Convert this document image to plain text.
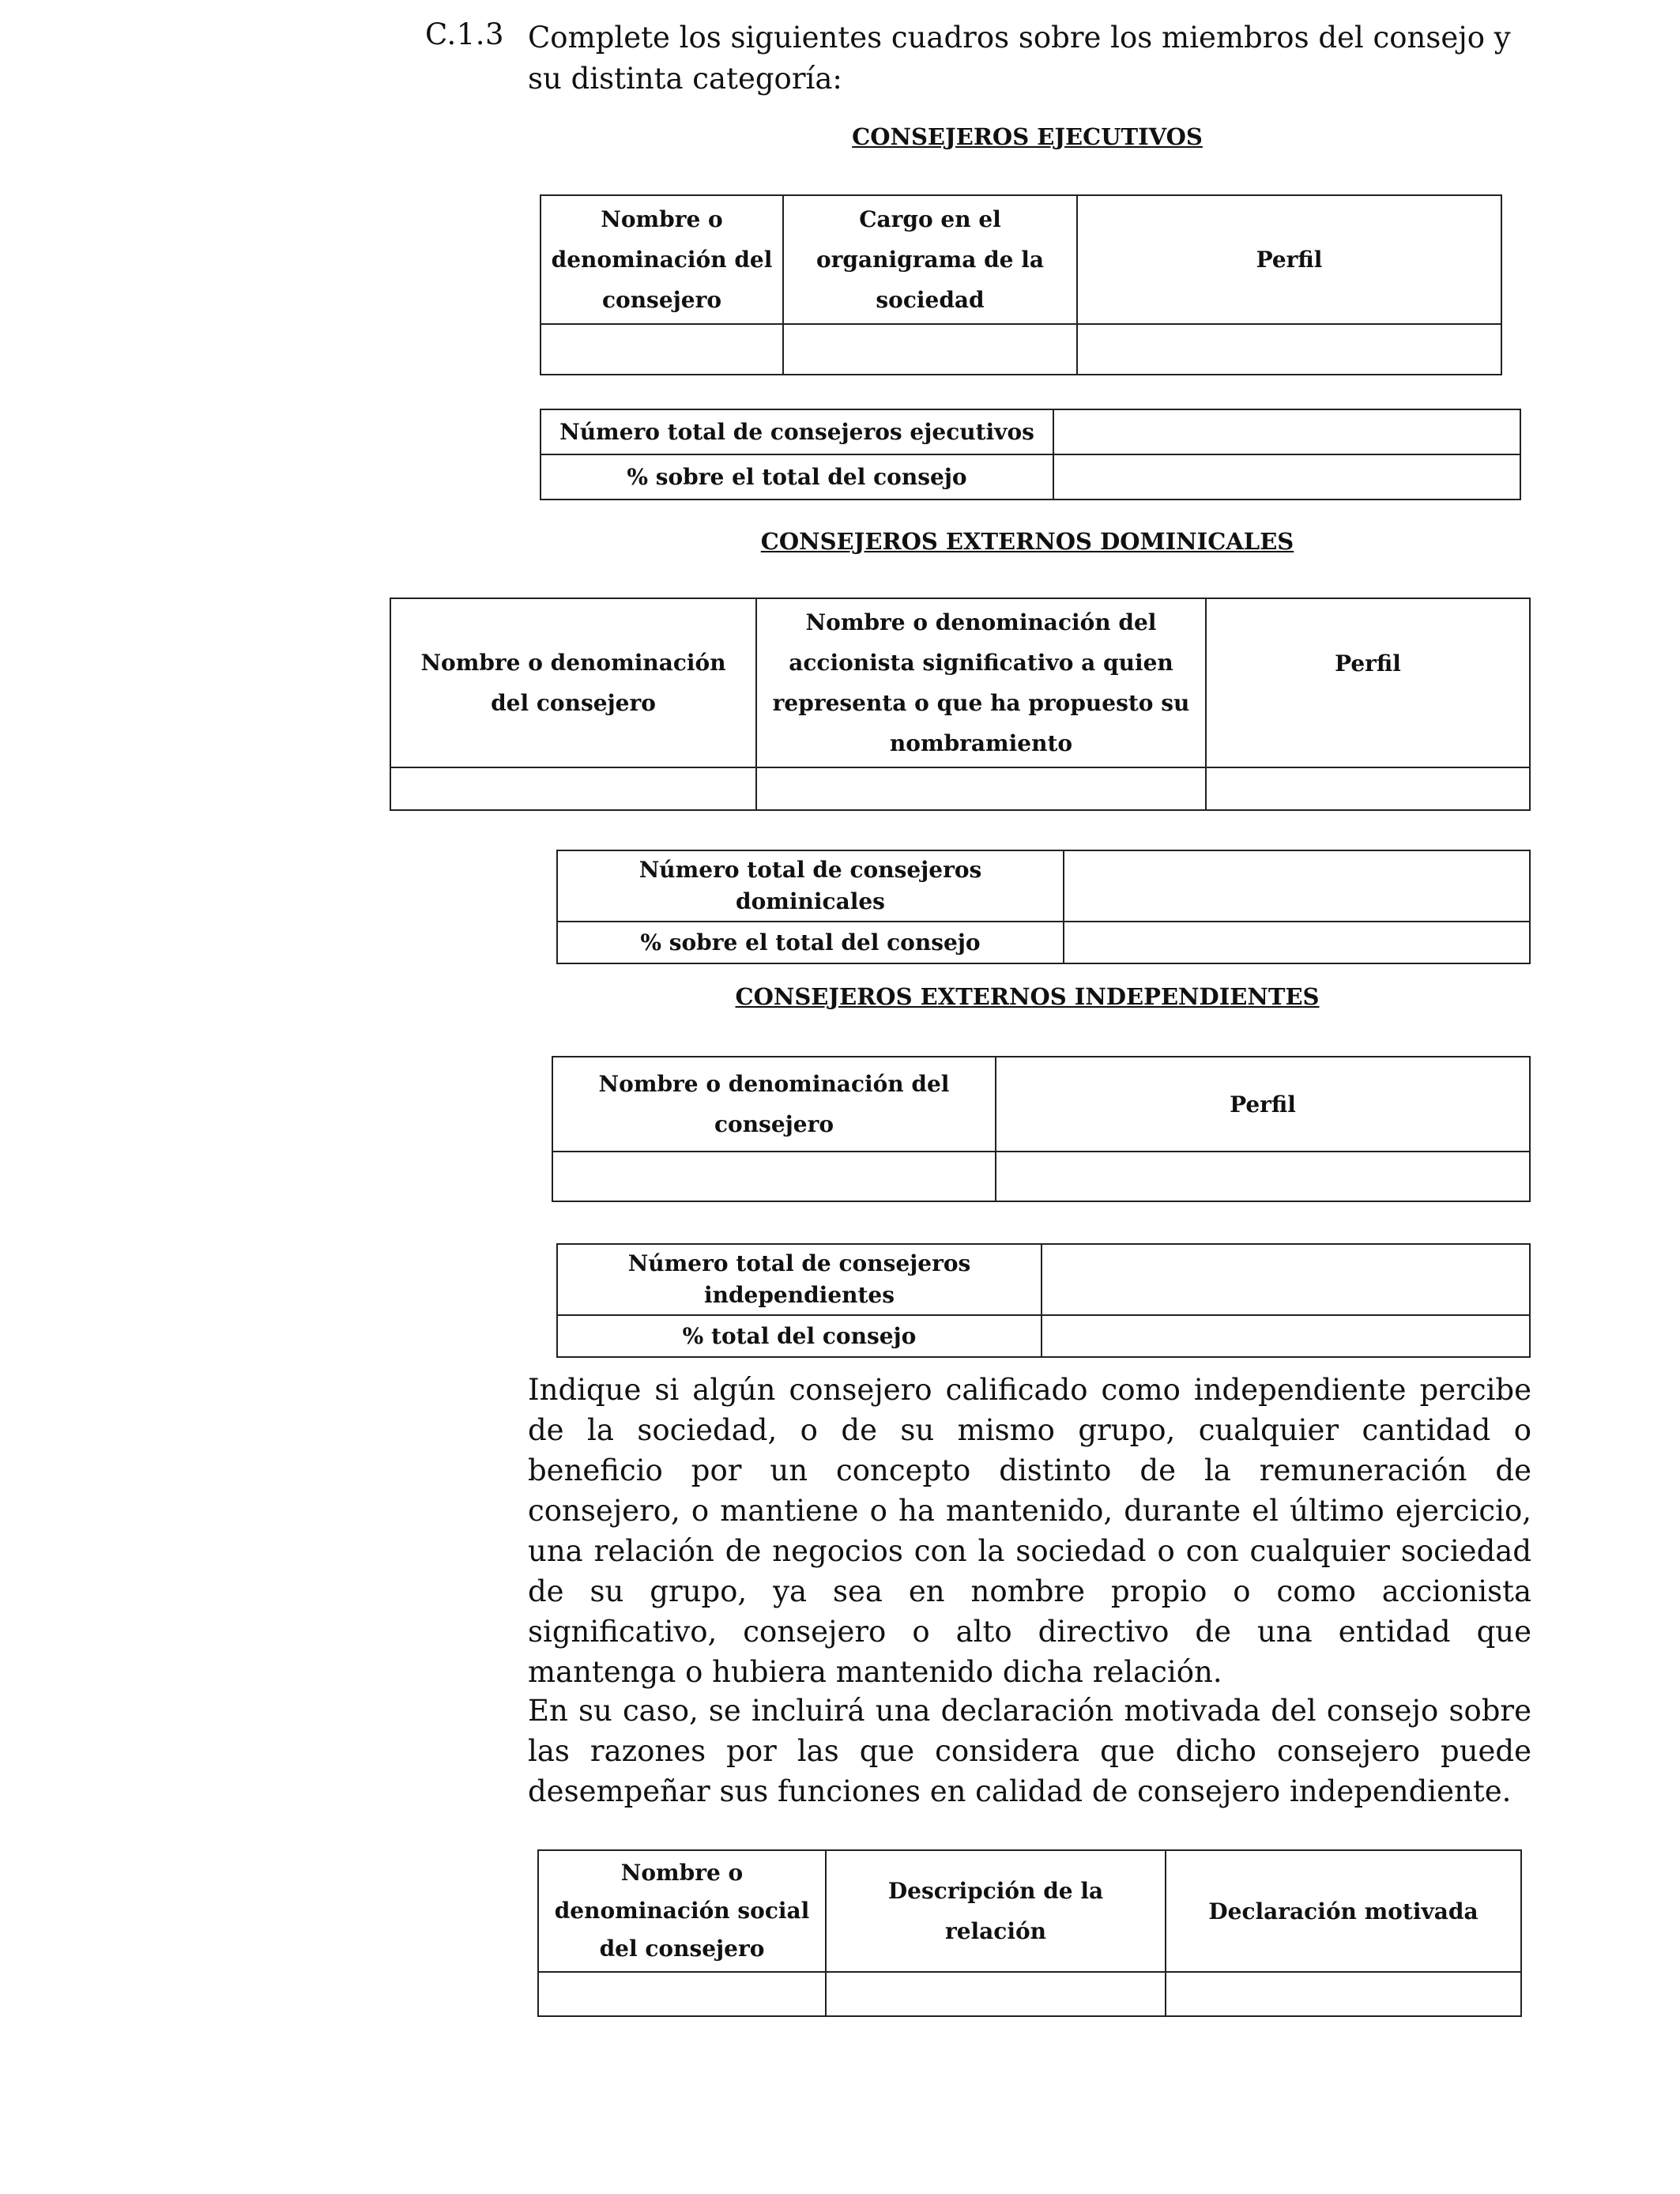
C.1.3 Complete los siguientes cuadros sobre los miembros del consejo y su distinta categoría:
CONSEJEROS EJECUTIVOS
Nombre o denominación del consejero	Cargo en el organigrama de la sociedad	Perfil

Número total de consejeros ejecutivos	
% sobre el total del consejo	
CONSEJEROS EXTERNOS DOMINICALES
Nombre o denominación del consejero	Nombre o denominación del accionista significativo a quien representa o que ha propuesto su nombramiento	Perfil

Número total de consejeros dominicales	
% sobre el total del consejo	
CONSEJEROS EXTERNOS INDEPENDIENTES
Nombre o denominación del consejero	Perfil

Número total de consejeros independientes	
% total del consejo	
Indique si algún consejero calificado como independiente percibe de la sociedad, o de su mismo grupo, cualquier cantidad o beneficio por un concepto distinto de la remuneración de consejero, o mantiene o ha mantenido, durante el último ejercicio, una relación de negocios con la sociedad o con cualquier sociedad de su grupo, ya sea en nombre propio o como accionista significativo, consejero o alto directivo de una entidad que mantenga o hubiera mantenido dicha relación.
En su caso, se incluirá una declaración motivada del consejo sobre las razones por las que considera que dicho consejero puede desempeñar sus funciones en calidad de consejero independiente.
Nombre o denominación social del consejero	Descripción de la relación	Declaración motivada
